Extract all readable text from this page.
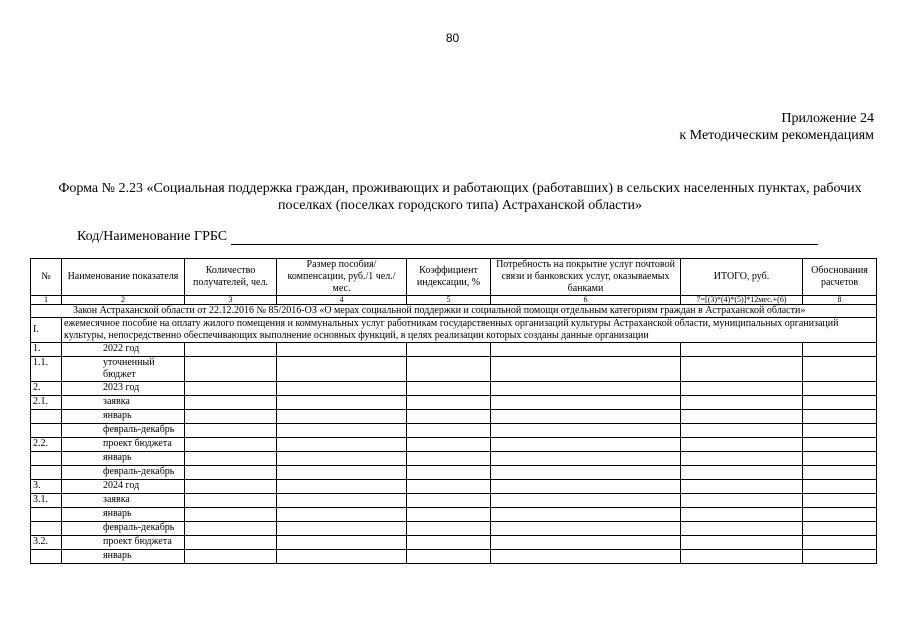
80
Приложение 24
к Методическим рекомендациям
Форма № 2.23 «Социальная поддержка граждан, проживающих и работающих (работавших) в сельских населенных пунктах, рабочих поселках (поселках городского типа) Астраханской области»
Код/Наименование ГРБС
№	Наименование показателя	Количество получателей, чел.	Размер пособия/компенсации, руб./1 чел./мес.	Коэффициент индексации, %	Потребность на покрытие услуг почтовой связи и банковских услуг, оказываемых банками	ИТОГО, руб.	Обоснования расчетов
1	2	3	4	5	6	7=[(3)*(4)*(5)]*12мес.+(6)	8
Закон Астраханской области от 22.12.2016 № 85/2016-ОЗ «О мерах социальной поддержки и социальной помощи отдельным категориям граждан в Астраханской области»							
I.	ежемесячное пособие на оплату жилого помещения и коммунальных услуг работникам государственных организаций культуры Астраханской области, муниципальных организаций культуры, непосредственно обеспечивающих выполнение основных функций, в целях реализации которых созданы данные организации						
1.	2022 год						
1.1.	уточненный бюджет						
2.	2023 год						
2.1.	заявка						
	январь						
	февраль-декабрь						
2.2.	проект бюджета						
	январь						
	февраль-декабрь						
3.	2024 год						
3.1.	заявка						
	январь						
	февраль-декабрь						
3.2.	проект бюджета						
	январь						
